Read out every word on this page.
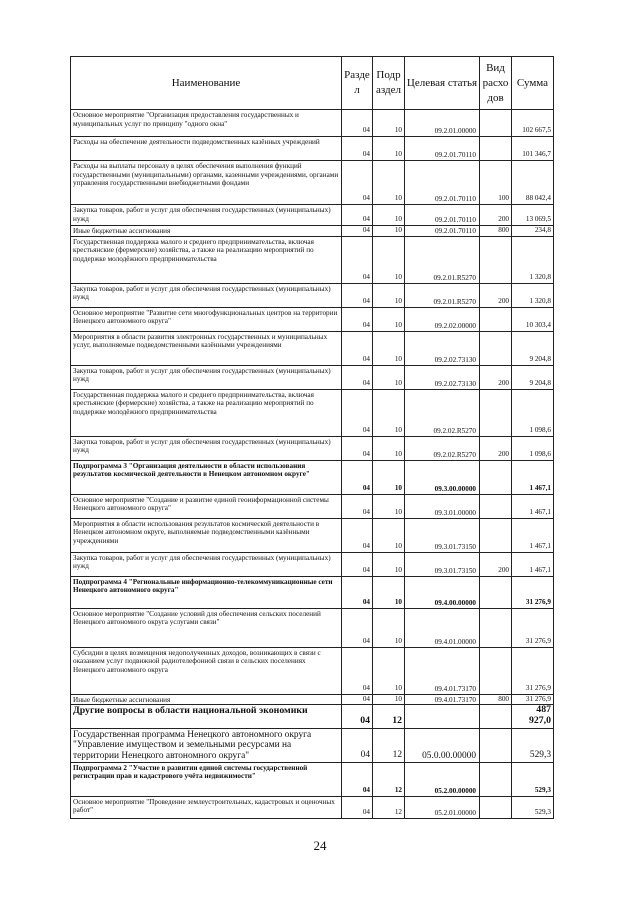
Наименование	Разде л	Подр аздел	Целевая статья	Вид расхо дов	Сумма
Основное мероприятие "Организация предоставления государственных и муниципальных услуг по принципу "одного окна"	04	10	09.2.01.00000		102 667,5
Расходы на обеспечение деятельности подведомственных казённых учреждений	04	10	09.2.01.70110		101 346,7
Расходы на выплаты персоналу в целях обеспечения выполнения функций государственными (муниципальными) органами, казенными учреждениями, органами управления государственными внебюджетными фондами	04	10	09.2.01.70110	100	88 042,4
Закупка товаров, работ и услуг для обеспечения государственных (муниципальных) нужд	04	10	09.2.01.70110	200	13 069,5
Иные бюджетные ассигнования	04	10	09.2.01.70110	800	234,8
Государственная поддержка малого и среднего предпринимательства, включая крестьянские (фермерские) хозяйства, а также на реализацию мероприятий по поддержке молодёжного предпринимательства	04	10	09.2.01.R5270		1 320,8
Закупка товаров, работ и услуг для обеспечения государственных (муниципальных) нужд	04	10	09.2.01.R5270	200	1 320,8
Основное мероприятие "Развитие сети многофункциональных центров на территории Ненецкого автономного округа"	04	10	09.2.02.00000		10 303,4
Мероприятия в области развития электронных государственных и муниципальных услуг, выполняемые подведомственными казёнными учреждениями	04	10	09.2.02.73130		9 204,8
Закупка товаров, работ и услуг для обеспечения государственных (муниципальных) нужд	04	10	09.2.02.73130	200	9 204,8
Государственная поддержка малого и среднего предпринимательства, включая крестьянские (фермерские) хозяйства, а также на реализацию мероприятий по поддержке молодёжного предпринимательства	04	10	09.2.02.R5270		1 098,6
Закупка товаров, работ и услуг для обеспечения государственных (муниципальных) нужд	04	10	09.2.02.R5270	200	1 098,6
Подпрограмма 3 "Организация деятельности в области использования результатов космической деятельности в Ненецком автономном округе"	04	10	09.3.00.00000		1 467,1
Основное мероприятие "Создание и развитие единой геоинформационной системы Ненецкого автономного округа"	04	10	09.3.01.00000		1 467,1
Мероприятия в области использования результатов космической деятельности в Ненецком автономном округе, выполняемые подведомственными казёнными учреждениями	04	10	09.3.01.73150		1 467,1
Закупка товаров, работ и услуг для обеспечения государственных (муниципальных) нужд	04	10	09.3.01.73150	200	1 467,1
Подпрограмма 4 "Региональные информационно-телекоммуникационные сети Ненецкого автономного округа"	04	10	09.4.00.00000		31 276,9
Основное мероприятие "Создание условий для обеспечения сельских поселений Ненецкого автономного округа услугами связи"	04	10	09.4.01.00000		31 276,9
Субсидии в целях возмещения недополученных доходов, возникающих в связи с оказанием услуг подвижной радиотелефонной связи в сельских поселениях Ненецкого автономного округа	04	10	09.4.01.73170		31 276,9
Иные бюджетные ассигнования	04	10	09.4.01.73170	800	31 276,9
Другие вопросы в области национальной экономики	04	12			487 927,0
Государственная программа Ненецкого автономного округа "Управление имуществом и земельными ресурсами на территории Ненецкого автономного округа"	04	12	05.0.00.00000		529,3
Подпрограмма 2 "Участие в развитии единой системы государственной регистрации прав и кадастрового учёта недвижимости"	04	12	05.2.00.00000		529,3
Основное мероприятие "Проведение землеустроительных, кадастровых и оценочных работ"	04	12	05.2.01.00000		529,3
24
